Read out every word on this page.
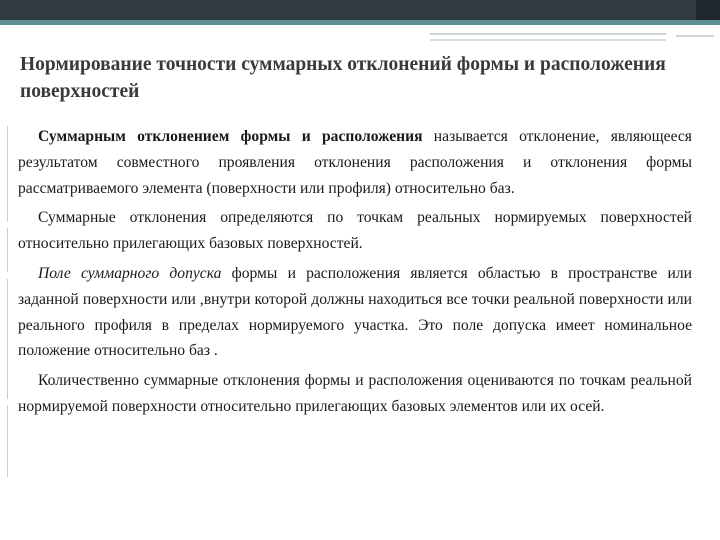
Нормирование точности суммарных отклонений формы и расположения поверхностей

Суммарным отклонением формы и расположения называется отклонение, являющееся результатом совместного проявления отклонения расположения и отклонения формы рассматриваемого элемента (поверхности или профиля) относительно баз.

Суммарные отклонения определяются по точкам реальных нормируемых поверхностей относительно прилегающих базовых поверхностей.

Поле суммарного допуска формы и расположения является областью в пространстве или заданной поверхности или ,внутри которой должны находиться все точки реальной поверхности или реального профиля в пределах нормируемого участка. Это поле допуска имеет номинальное положение относительно баз .

Количественно суммарные отклонения формы и расположения оцениваются по точкам реальной нормируемой поверхности относительно прилегающих базовых элементов или их осей.
